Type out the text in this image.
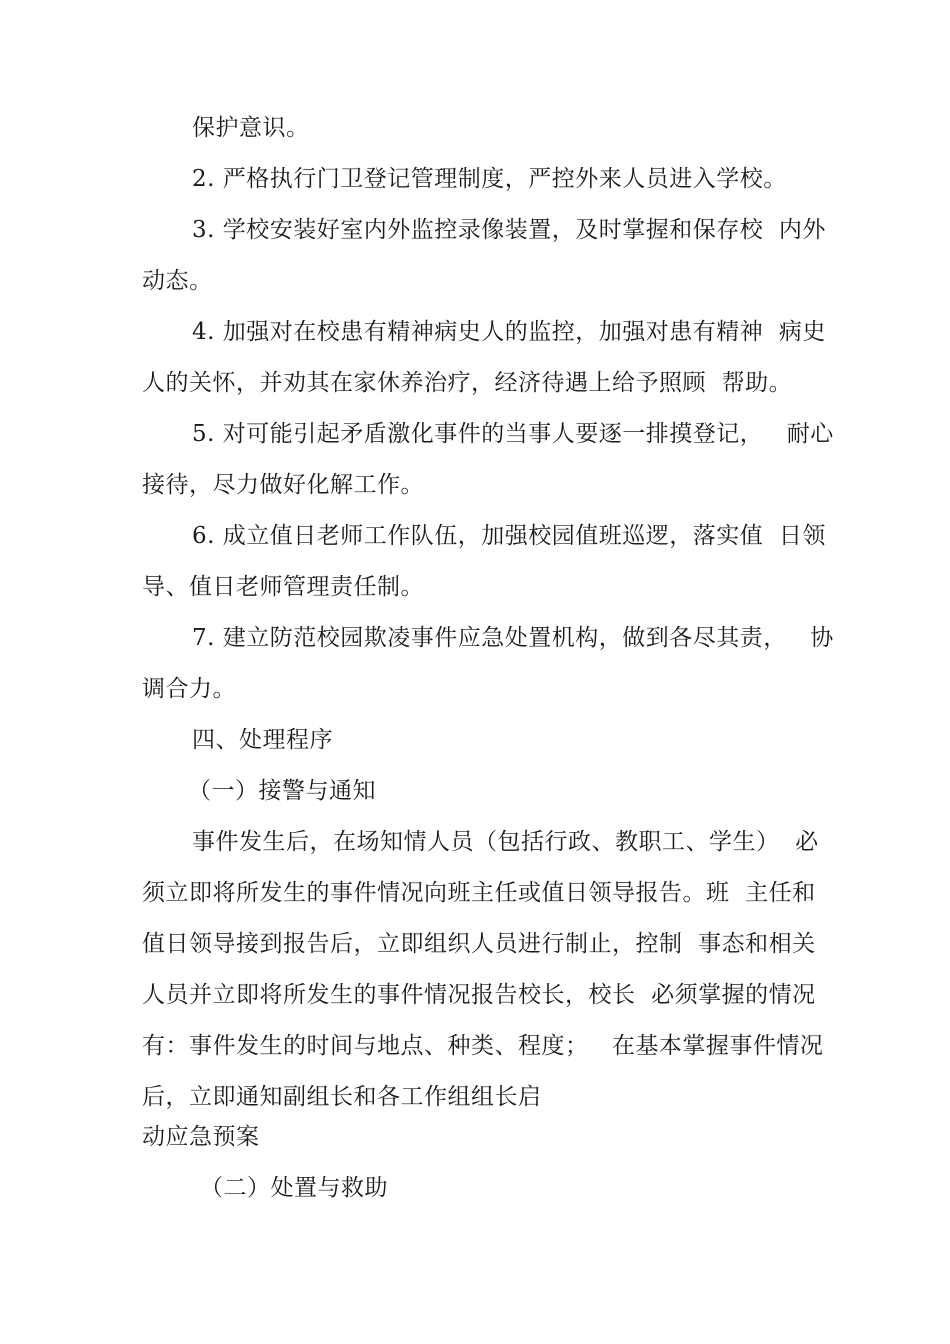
保护意识。
2. 严格执行门卫登记管理制度，严控外来人员进入学校。
3. 学校安装好室内外监控录像装置，及时掌握和保存校  内外
动态。
4. 加强对在校患有精神病史人的监控，加强对患有精神  病史
人的关怀，并劝其在家休养治疗，经济待遇上给予照顾  帮助。
5. 对可能引起矛盾激化事件的当事人要逐一排摸登记，   耐心
接待，尽力做好化解工作。
6. 成立值日老师工作队伍，加强校园值班巡逻，落实值  日领
导、值日老师管理责任制。
7. 建立防范校园欺凌事件应急处置机构，做到各尽其责，   协
调合力。
四、处理程序
（一）接警与通知
事件发生后，在场知情人员（包括行政、教职工、学生）  必
须立即将所发生的事件情况向班主任或值日领导报告。班  主任和
值日领导接到报告后，立即组织人员进行制止，控制  事态和相关
人员并立即将所发生的事件情况报告校长，校长  必须掌握的情况
有：事件发生的时间与地点、种类、程度；   在基本掌握事件情况
后，立即通知副组长和各工作组组长启
动应急预案
（二）处置与救助
